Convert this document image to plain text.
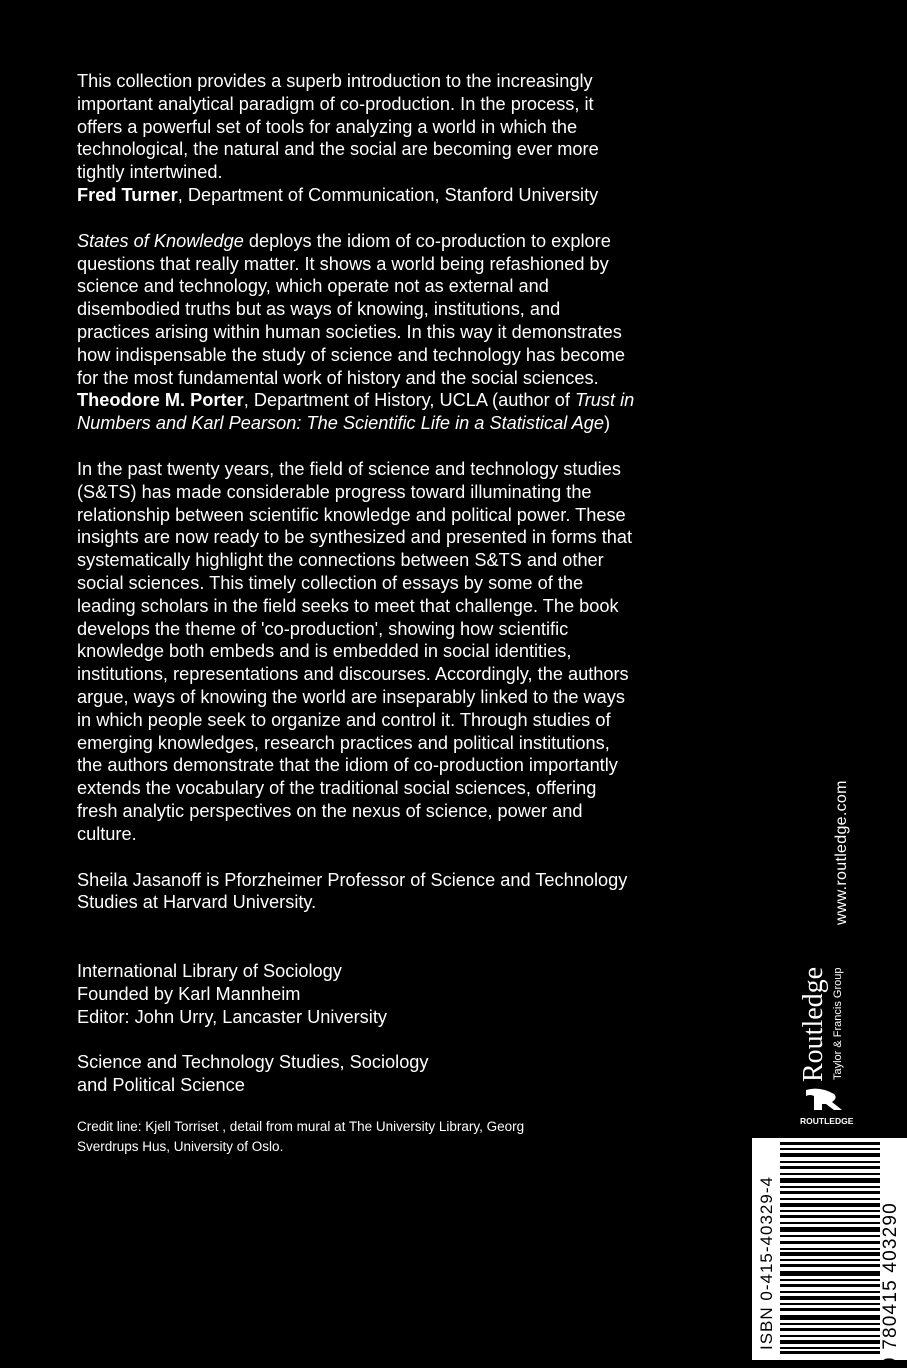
This collection provides a superb introduction to the increasingly important analytical paradigm of co-production. In the process, it offers a powerful set of tools for analyzing a world in which the technological, the natural and the social are becoming ever more tightly intertwined.
Fred Turner, Department of Communication, Stanford University

States of Knowledge deploys the idiom of co-production to explore questions that really matter. It shows a world being refashioned by science and technology, which operate not as external and disembodied truths but as ways of knowing, institutions, and practices arising within human societies. In this way it demonstrates how indispensable the study of science and technology has become for the most fundamental work of history and the social sciences.
Theodore M. Porter, Department of History, UCLA (author of Trust in Numbers and Karl Pearson: The Scientific Life in a Statistical Age)

In the past twenty years, the field of science and technology studies (S&TS) has made considerable progress toward illuminating the relationship between scientific knowledge and political power. These insights are now ready to be synthesized and presented in forms that systematically highlight the connections between S&TS and other social sciences. This timely collection of essays by some of the leading scholars in the field seeks to meet that challenge. The book develops the theme of 'co-production', showing how scientific knowledge both embeds and is embedded in social identities, institutions, representations and discourses. Accordingly, the authors argue, ways of knowing the world are inseparably linked to the ways in which people seek to organize and control it. Through studies of emerging knowledges, research practices and political institutions, the authors demonstrate that the idiom of co-production importantly extends the vocabulary of the traditional social sciences, offering fresh analytic perspectives on the nexus of science, power and culture.

Sheila Jasanoff is Pforzheimer Professor of Science and Technology Studies at Harvard University.

International Library of Sociology
Founded by Karl Mannheim
Editor: John Urry, Lancaster University

Science and Technology Studies, Sociology
and Political Science

Credit line: Kjell Torriset , detail from mural at The University Library, Georg
Sverdrups Hus, University of Oslo.

www.routledge.com
Routledge Taylor & Francis Group
ROUTLEDGE
ISBN 0-415-40329-4	9 780415 403290
